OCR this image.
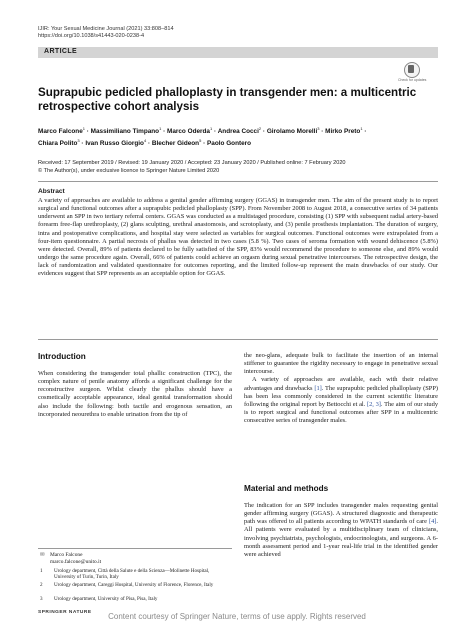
IJIR: Your Sexual Medicine Journal (2021) 33:808–814
https://doi.org/10.1038/s41443-020-0238-4
ARTICLE
Check for updates
Suprapubic pedicled phalloplasty in transgender men: a multicentric retrospective cohort analysis
Marco Falcone$^1$ · Massimiliano Timpano$^1$ · Marco Oderda$^1$ · Andrea Cocci$^2$ · Girolamo Morelli$^3$ · Mirko Preto$^1$ ·
Chiara Polito$^3$ · Ivan Russo Giorgio$^4$ · Blecher Gideon$^5$ · Paolo Gontero
Received: 17 September 2019 / Revised: 19 January 2020 / Accepted: 23 January 2020 / Published online: 7 February 2020
© The Author(s), under exclusive licence to Springer Nature Limited 2020
Abstract
A variety of approaches are available to address a genital gender affirming surgery (GGAS) in transgender men. The aim of the present study is to report surgical and functional outcomes after a suprapubic pedicled phalloplasty (SPP). From November 2008 to August 2018, a consecutive series of 34 patients underwent an SPP in two tertiary referral centers. GGAS was conducted as a multistaged procedure, consisting (1) SPP with subsequent radial artery-based forearm free-flap urethroplasty, (2) glans sculpting, urethral anastomosis, and scrotoplasty, and (3) penile prosthesis implantation. The duration of surgery, intra and postoperative complications, and hospital stay were selected as variables for surgical outcomes. Functional outcomes were extrapolated from a four-item questionnaire. A partial necrosis of phallus was detected in two cases (5.8 %). Two cases of seroma formation with wound dehiscence (5.8%) were detected. Overall, 89% of patients declared to be fully satisfied of the SPP, 83% would recommend the procedure to someone else, and 89% would undergo the same procedure again. Overall, 66% of patients could achieve an orgasm during sexual penetrative intercourses. The retrospective design, the lack of randomization and validated questionnaire for outcomes reporting, and the limited follow-up represent the main drawbacks of our study. Our evidences suggest that SPP represents as an acceptable option for GGAS.
Introduction
When considering the transgender total phallic construction (TPC), the complex nature of penile anatomy affords a significant challenge for the reconstructive surgeon. Whilst clearly the phallus should have a cosmetically acceptable appearance, ideal genital transformation should also include the following: both tactile and erogenous sensation, an incorporated neourethra to enable urination from the tip of
✉ Marco Falcone
marco.falcone@unito.it
1	Urology department, Città della Salute e della Scienza—Molinette Hospital, University of Turin, Turin, Italy
2	Urology department, Careggi Hospital, University of Florence, Florence, Italy
3	Urology department, University of Pisa, Pisa, Italy
the neo-glans, adequate bulk to facilitate the insertion of an internal stiffener to guarantee the rigidity necessary to engage in penetrative sexual intercourse.
A variety of approaches are available, each with their relative advantages and drawbacks [1]. The suprapubic pedicled phalloplasty (SPP) has been less commonly considered in the current scientific literature following the original report by Bettocchi et al. [2, 3]. The aim of our study is to report surgical and functional outcomes after SPP in a multicentric consecutive series of transgender males.
Material and methods
The indication for an SPP includes transgender males requesting genital gender affirming surgery (GGAS). A structured diagnostic and therapeutic path was offered to all patients according to WPATH standards of care [4]. All patients were evaluated by a multidisciplinary team of clinicians, involving psychiatrists, psychologists, endocrinologists, and surgeons. A 6-month assessment period and 1-year real-life trial in the identified gender were achieved
SPRINGER NATURE	Content courtesy of Springer Nature, terms of use apply. Rights reserved
